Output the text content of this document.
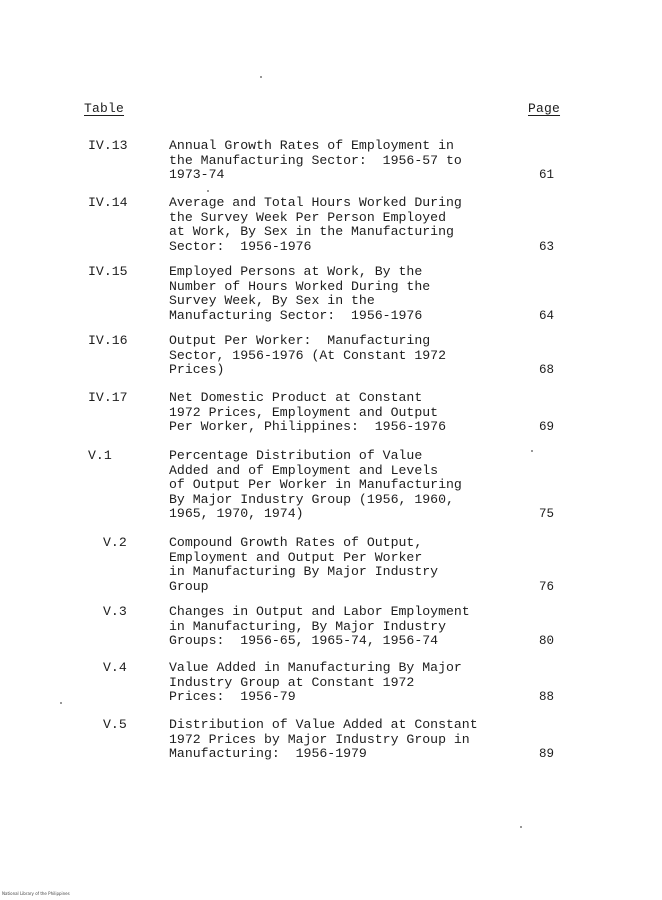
Table	Page
IV.13	Annual Growth Rates of Employment in
the Manufacturing Sector:  1956-57 to
1973-74	61
IV.14	Average and Total Hours Worked During
the Survey Week Per Person Employed
at Work, By Sex in the Manufacturing
Sector:  1956-1976	63
IV.15	Employed Persons at Work, By the
Number of Hours Worked During the
Survey Week, By Sex in the
Manufacturing Sector:  1956-1976	64
IV.16	Output Per Worker:  Manufacturing
Sector, 1956-1976 (At Constant 1972
Prices)	68
IV.17	Net Domestic Product at Constant
1972 Prices, Employment and Output
Per Worker, Philippines:  1956-1976	69
V.1	Percentage Distribution of Value
Added and of Employment and Levels
of Output Per Worker in Manufacturing
By Major Industry Group (1956, 1960,
1965, 1970, 1974)	75
V.2	Compound Growth Rates of Output,
Employment and Output Per Worker
in Manufacturing By Major Industry
Group	76
V.3	Changes in Output and Labor Employment
in Manufacturing, By Major Industry
Groups:  1956-65, 1965-74, 1956-74	80
V.4	Value Added in Manufacturing By Major
Industry Group at Constant 1972
Prices:  1956-79	88
V.5	Distribution of Value Added at Constant
1972 Prices by Major Industry Group in
Manufacturing:  1956-1979	89
National Library of the Philippines
